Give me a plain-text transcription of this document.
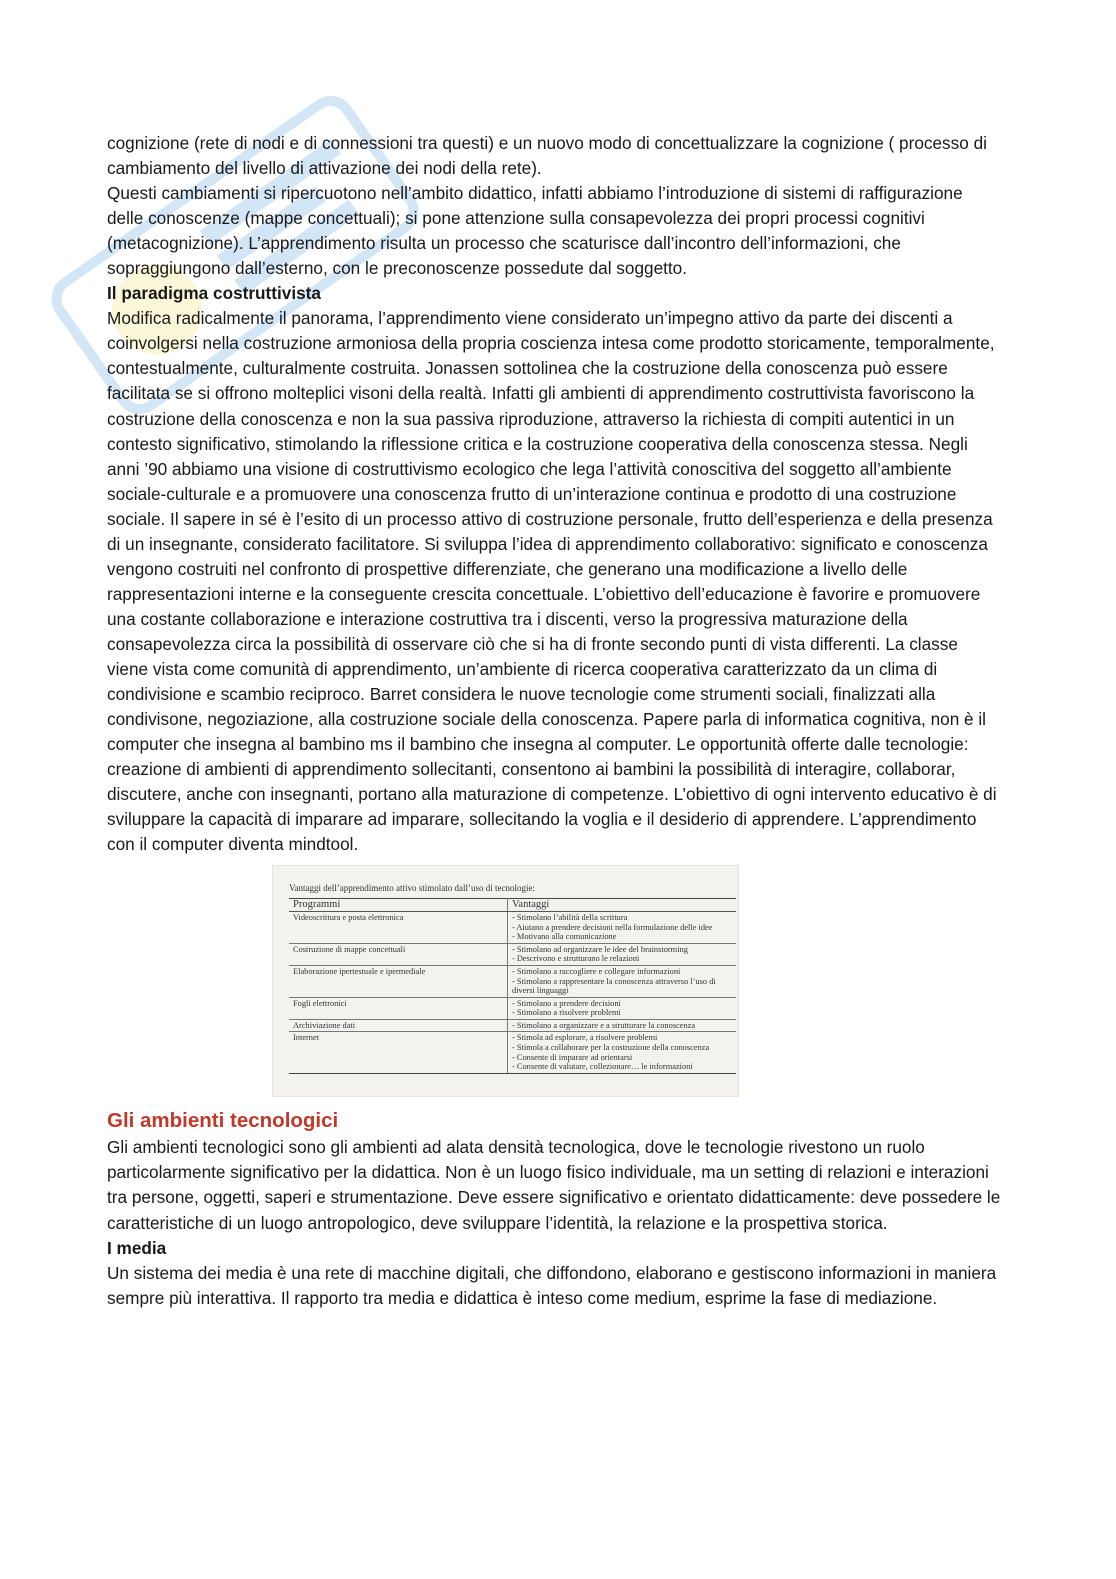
cognizione (rete di nodi e di connessioni tra questi) e un nuovo modo di concettualizzare la cognizione ( processo di cambiamento del livello di attivazione dei nodi della rete).

Questi cambiamenti si ripercuotono nell’ambito didattico, infatti abbiamo l’introduzione di sistemi di raffigurazione delle conoscenze (mappe concettuali); si pone attenzione sulla consapevolezza dei propri processi cognitivi (metacognizione). L’apprendimento risulta un processo che scaturisce dall’incontro dell’informazioni, che sopraggiungono dall’esterno, con le preconoscenze possedute dal soggetto.

Il paradigma costruttivista

Modifica radicalmente il panorama, l’apprendimento viene considerato un’impegno attivo da parte dei discenti a coinvolgersi nella costruzione armoniosa della propria coscienza intesa come prodotto storicamente, temporalmente, contestualmente, culturalmente costruita. Jonassen sottolinea che la costruzione della conoscenza può essere facilitata se si offrono molteplici visoni della realtà. Infatti gli ambienti di apprendimento costruttivista favoriscono la costruzione della conoscenza e non la sua passiva riproduzione, attraverso la richiesta di compiti autentici in un contesto significativo, stimolando la riflessione critica e la costruzione cooperativa della conoscenza stessa. Negli anni ’90 abbiamo una visione di costruttivismo ecologico che lega l’attività conoscitiva del soggetto all’ambiente sociale-culturale e a promuovere una conoscenza frutto di un’interazione continua e prodotto di una costruzione sociale. Il sapere in sé è l’esito di un processo attivo di costruzione personale, frutto dell’esperienza e della presenza di un insegnante, considerato facilitatore. Si sviluppa l’idea di apprendimento collaborativo: significato e conoscenza vengono costruiti nel confronto di prospettive differenziate, che generano una modificazione a livello delle rappresentazioni interne e la conseguente crescita concettuale. L’obiettivo dell’educazione è favorire e promuovere una costante collaborazione e interazione costruttiva tra i discenti, verso la progressiva maturazione della consapevolezza circa la possibilità di osservare ciò che si ha di fronte secondo punti di vista differenti. La classe viene vista come comunità di apprendimento, un’ambiente di ricerca cooperativa caratterizzato da un clima di condivisione e scambio reciproco. Barret considera le nuove tecnologie come strumenti sociali, finalizzati alla condivisone, negoziazione, alla costruzione sociale della conoscenza. Papere parla di informatica cognitiva, non è il computer che insegna al bambino ms il bambino che insegna al computer. Le opportunità offerte dalle tecnologie: creazione di ambienti di apprendimento sollecitanti, consentono ai bambini la possibilità di interagire, collaborar, discutere, anche con insegnanti, portano alla maturazione di competenze. L’obiettivo di ogni intervento educativo è di sviluppare la capacità di imparare ad imparare, sollecitando la voglia e il desiderio di apprendere. L’apprendimento con il computer diventa mindtool.

Vantaggi dell’apprendimento attivo stimolato dall’uso di tecnologie:
Programmi	Vantaggi
Videoscrittura e posta elettronica	- Stimolano l’abilità della scrittura
- Aiutano a prendere decisioni nella formulazione delle idee
- Motivano alla comunicazione
Costruzione di mappe concettuali	- Stimolano ad organizzare le idee del brainstorming
- Descrivono e strutturano le relazioni
Elaborazione ipertestuale e ipermediale	- Stimolano a raccogliere e collegare informazioni
- Stimolano a rappresentare la conoscenza attraverso l’uso di diversi linguaggi
Fogli elettronici	- Stimolano a prendere decisioni
- Stimolano a risolvere problemi
Archiviazione dati	- Stimolano a organizzare e a strutturare la conoscenza
Internet	- Stimola ad esplorare, a risolvere problemi
- Stimola a collaborare per la costruzione della conoscenza
- Consente di imparare ad orientarsi
- Consente di valutare, collezionare… le informazioni

Gli ambienti tecnologici

Gli ambienti tecnologici sono gli ambienti ad alata densità tecnologica, dove le tecnologie rivestono un ruolo particolarmente significativo per la didattica. Non è un luogo fisico individuale, ma un setting di relazioni e interazioni tra persone, oggetti, saperi e strumentazione. Deve essere significativo e orientato didatticamente: deve possedere le caratteristiche di un luogo antropologico, deve sviluppare l’identità, la relazione e la prospettiva storica.

I media

Un sistema dei media è una rete di macchine digitali, che diffondono, elaborano e gestiscono informazioni in maniera sempre più interattiva. Il rapporto tra media e didattica è inteso come medium, esprime la fase di mediazione.
